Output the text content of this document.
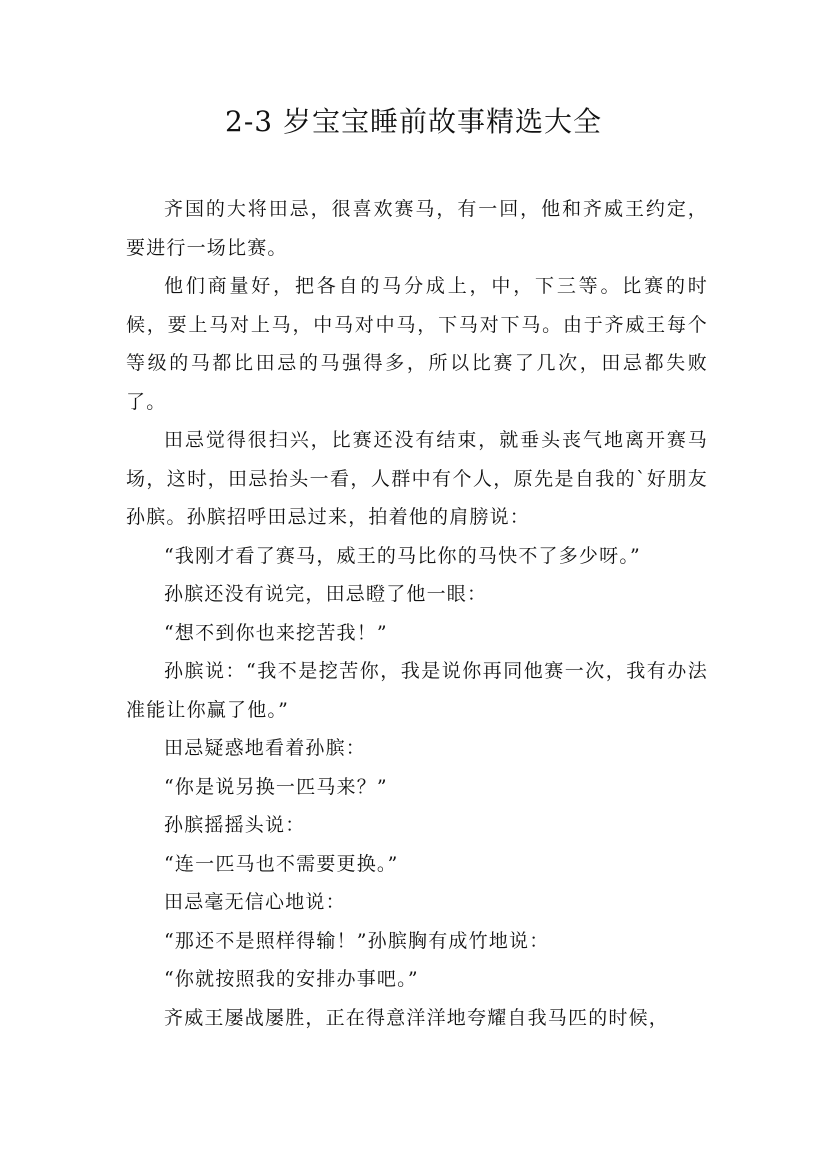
2-3 岁宝宝睡前故事精选大全

齐国的大将田忌，很喜欢赛马，有一回，他和齐威王约定，要进行一场比赛。

他们商量好，把各自的马分成上，中，下三等。比赛的时候，要上马对上马，中马对中马，下马对下马。由于齐威王每个等级的马都比田忌的马强得多，所以比赛了几次，田忌都失败了。

田忌觉得很扫兴，比赛还没有结束，就垂头丧气地离开赛马场，这时，田忌抬头一看，人群中有个人，原先是自我的`好朋友孙膑。孙膑招呼田忌过来，拍着他的肩膀说：

“我刚才看了赛马，威王的马比你的马快不了多少呀。”

孙膑还没有说完，田忌瞪了他一眼：

“想不到你也来挖苦我！”

孙膑说：“我不是挖苦你，我是说你再同他赛一次，我有办法准能让你赢了他。”

田忌疑惑地看着孙膑：

“你是说另换一匹马来？”

孙膑摇摇头说：

“连一匹马也不需要更换。”

田忌毫无信心地说：

“那还不是照样得输！”孙膑胸有成竹地说：

“你就按照我的安排办事吧。”

齐威王屡战屡胜，正在得意洋洋地夸耀自我马匹的时候，
